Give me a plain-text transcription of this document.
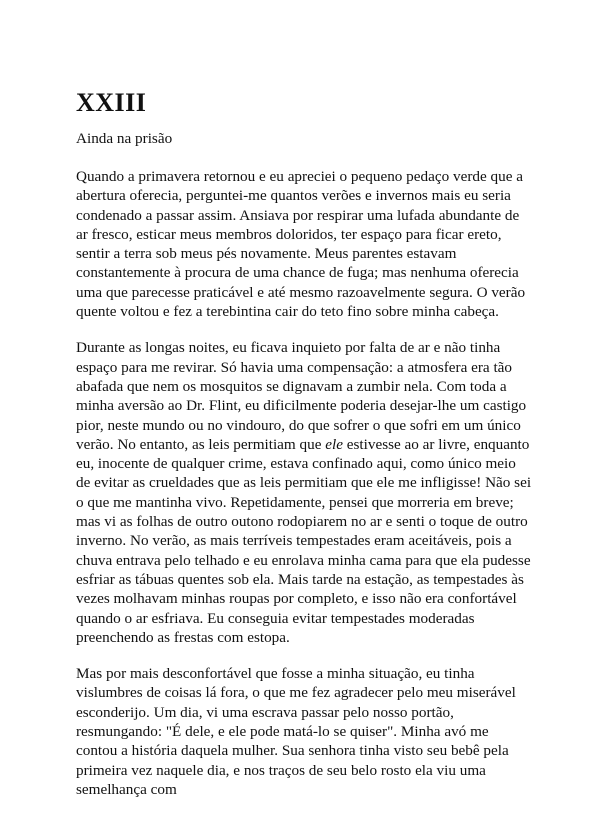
XXIII
Ainda na prisão

Quando a primavera retornou e eu apreciei o pequeno pedaço verde que a abertura oferecia, perguntei-me quantos verões e invernos mais eu seria condenado a passar assim. Ansiava por respirar uma lufada abundante de ar fresco, esticar meus membros doloridos, ter espaço para ficar ereto, sentir a terra sob meus pés novamente. Meus parentes estavam constantemente à procura de uma chance de fuga; mas nenhuma oferecia uma que parecesse praticável e até mesmo razoavelmente segura. O verão quente voltou e fez a terebintina cair do teto fino sobre minha cabeça.

Durante as longas noites, eu ficava inquieto por falta de ar e não tinha espaço para me revirar. Só havia uma compensação: a atmosfera era tão abafada que nem os mosquitos se dignavam a zumbir nela. Com toda a minha aversão ao Dr. Flint, eu dificilmente poderia desejar-lhe um castigo pior, neste mundo ou no vindouro, do que sofrer o que sofri em um único verão. No entanto, as leis permitiam que ele estivesse ao ar livre, enquanto eu, inocente de qualquer crime, estava confinado aqui, como único meio de evitar as crueldades que as leis permitiam que ele me infligisse! Não sei o que me mantinha vivo. Repetidamente, pensei que morreria em breve; mas vi as folhas de outro outono rodopiarem no ar e senti o toque de outro inverno. No verão, as mais terríveis tempestades eram aceitáveis, pois a chuva entrava pelo telhado e eu enrolava minha cama para que ela pudesse esfriar as tábuas quentes sob ela. Mais tarde na estação, as tempestades às vezes molhavam minhas roupas por completo, e isso não era confortável quando o ar esfriava. Eu conseguia evitar tempestades moderadas preenchendo as frestas com estopa.

Mas por mais desconfortável que fosse a minha situação, eu tinha vislumbres de coisas lá fora, o que me fez agradecer pelo meu miserável esconderijo. Um dia, vi uma escrava passar pelo nosso portão, resmungando: "É dele, e ele pode matá-lo se quiser". Minha avó me contou a história daquela mulher. Sua senhora tinha visto seu bebê pela primeira vez naquele dia, e nos traços de seu belo rosto ela viu uma semelhança com
